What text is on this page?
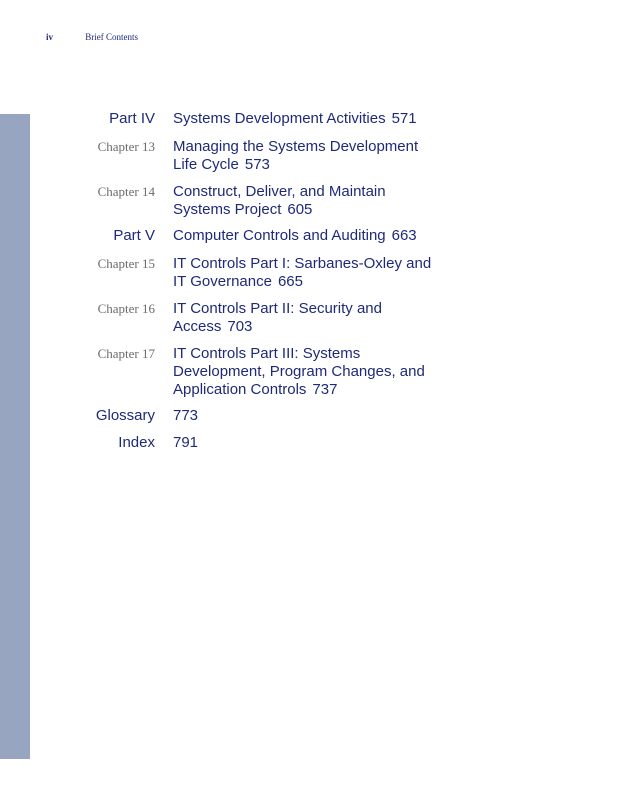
iv	Brief Contents
Part IV Systems Development Activities 571
Chapter 13 Managing the Systems Development Life Cycle 573
Chapter 14 Construct, Deliver, and Maintain Systems Project 605
Part V Computer Controls and Auditing 663
Chapter 15 IT Controls Part I: Sarbanes-Oxley and IT Governance 665
Chapter 16 IT Controls Part II: Security and Access 703
Chapter 17 IT Controls Part III: Systems Development, Program Changes, and Application Controls 737
Glossary 773
Index 791
